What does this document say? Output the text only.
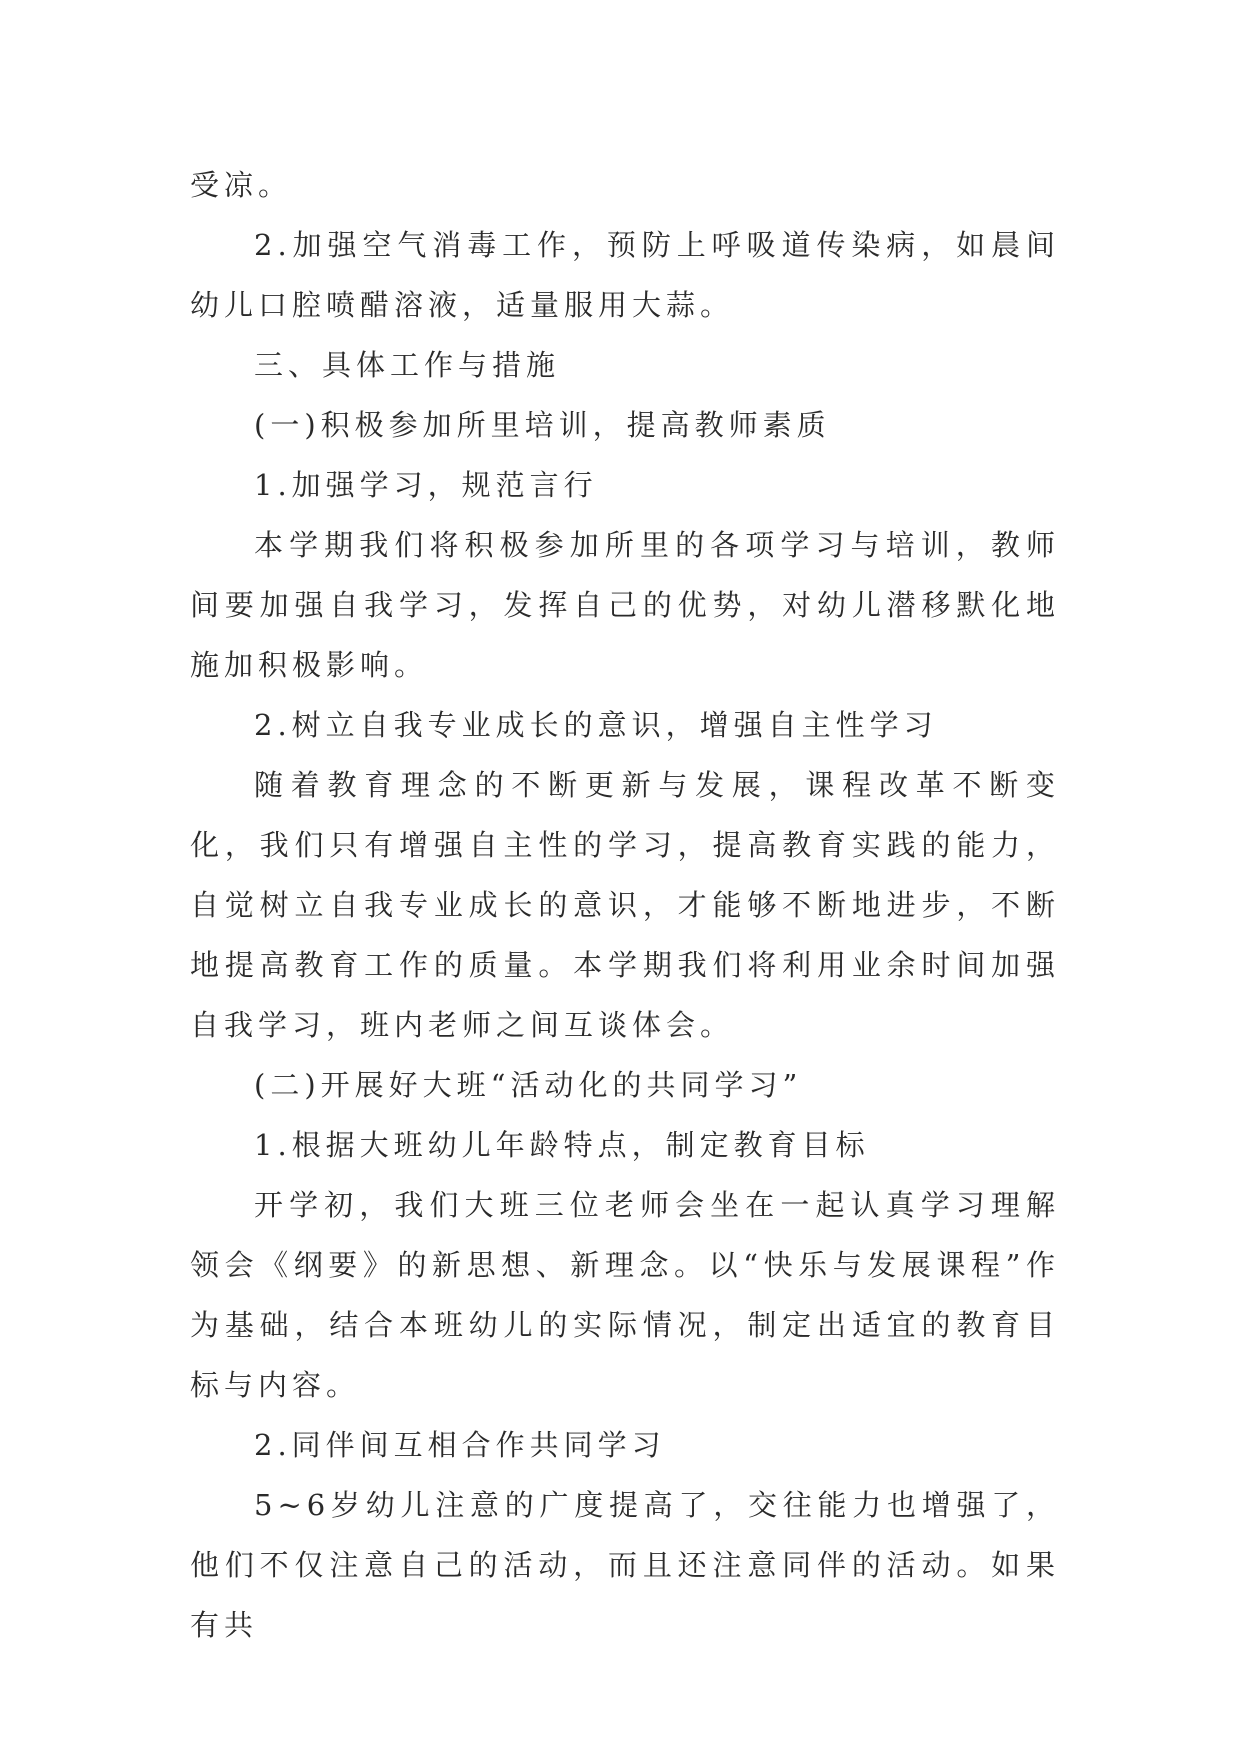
受凉。

2.加强空气消毒工作，预防上呼吸道传染病，如晨间幼儿口腔喷醋溶液，适量服用大蒜。

三、具体工作与措施

(一)积极参加所里培训，提高教师素质

1.加强学习，规范言行

本学期我们将积极参加所里的各项学习与培训，教师间要加强自我学习，发挥自己的优势，对幼儿潜移默化地施加积极影响。

2.树立自我专业成长的意识，增强自主性学习

随着教育理念的不断更新与发展，课程改革不断变化，我们只有增强自主性的学习，提高教育实践的能力，自觉树立自我专业成长的意识，才能够不断地进步，不断地提高教育工作的质量。本学期我们将利用业余时间加强自我学习，班内老师之间互谈体会。

(二)开展好大班“活动化的共同学习”

1.根据大班幼儿年龄特点，制定教育目标

开学初，我们大班三位老师会坐在一起认真学习理解领会《纲要》的新思想、新理念。以“快乐与发展课程”作为基础，结合本班幼儿的实际情况，制定出适宜的教育目标与内容。

2.同伴间互相合作共同学习

5~6岁幼儿注意的广度提高了，交往能力也增强了，他们不仅注意自己的活动，而且还注意同伴的活动。如果有共
